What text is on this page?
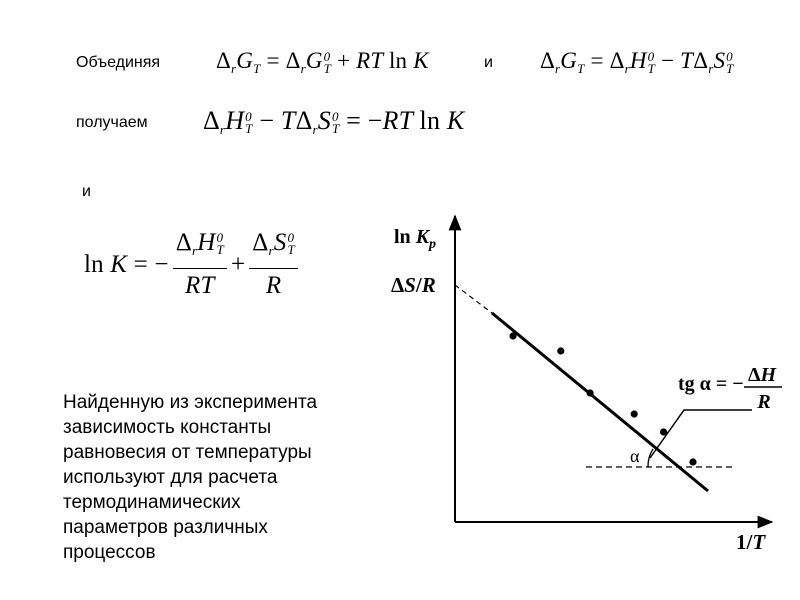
Объединяя $\Delta_rG_T = \Delta_rG$ 0
T + RT ln K	и $\Delta_rG_T = \Delta_rH$ 0
$T - T\Delta_rS$ 0
T
получаем $\Delta_rH$ 0
$T - T\Delta_rS$ 0
T = −RT ln K
и
ln K = − $\Delta_rH$ 0
T
RT + $\Delta_rS$ 0
T
R
Найденную из эксперимента
зависимость константы
равновесия от температуры
используют для расчета
термодинамических
параметров различных
процессов
$\ln K_p$
ΔS/R
1/T
α
tg α = − ΔH
R
